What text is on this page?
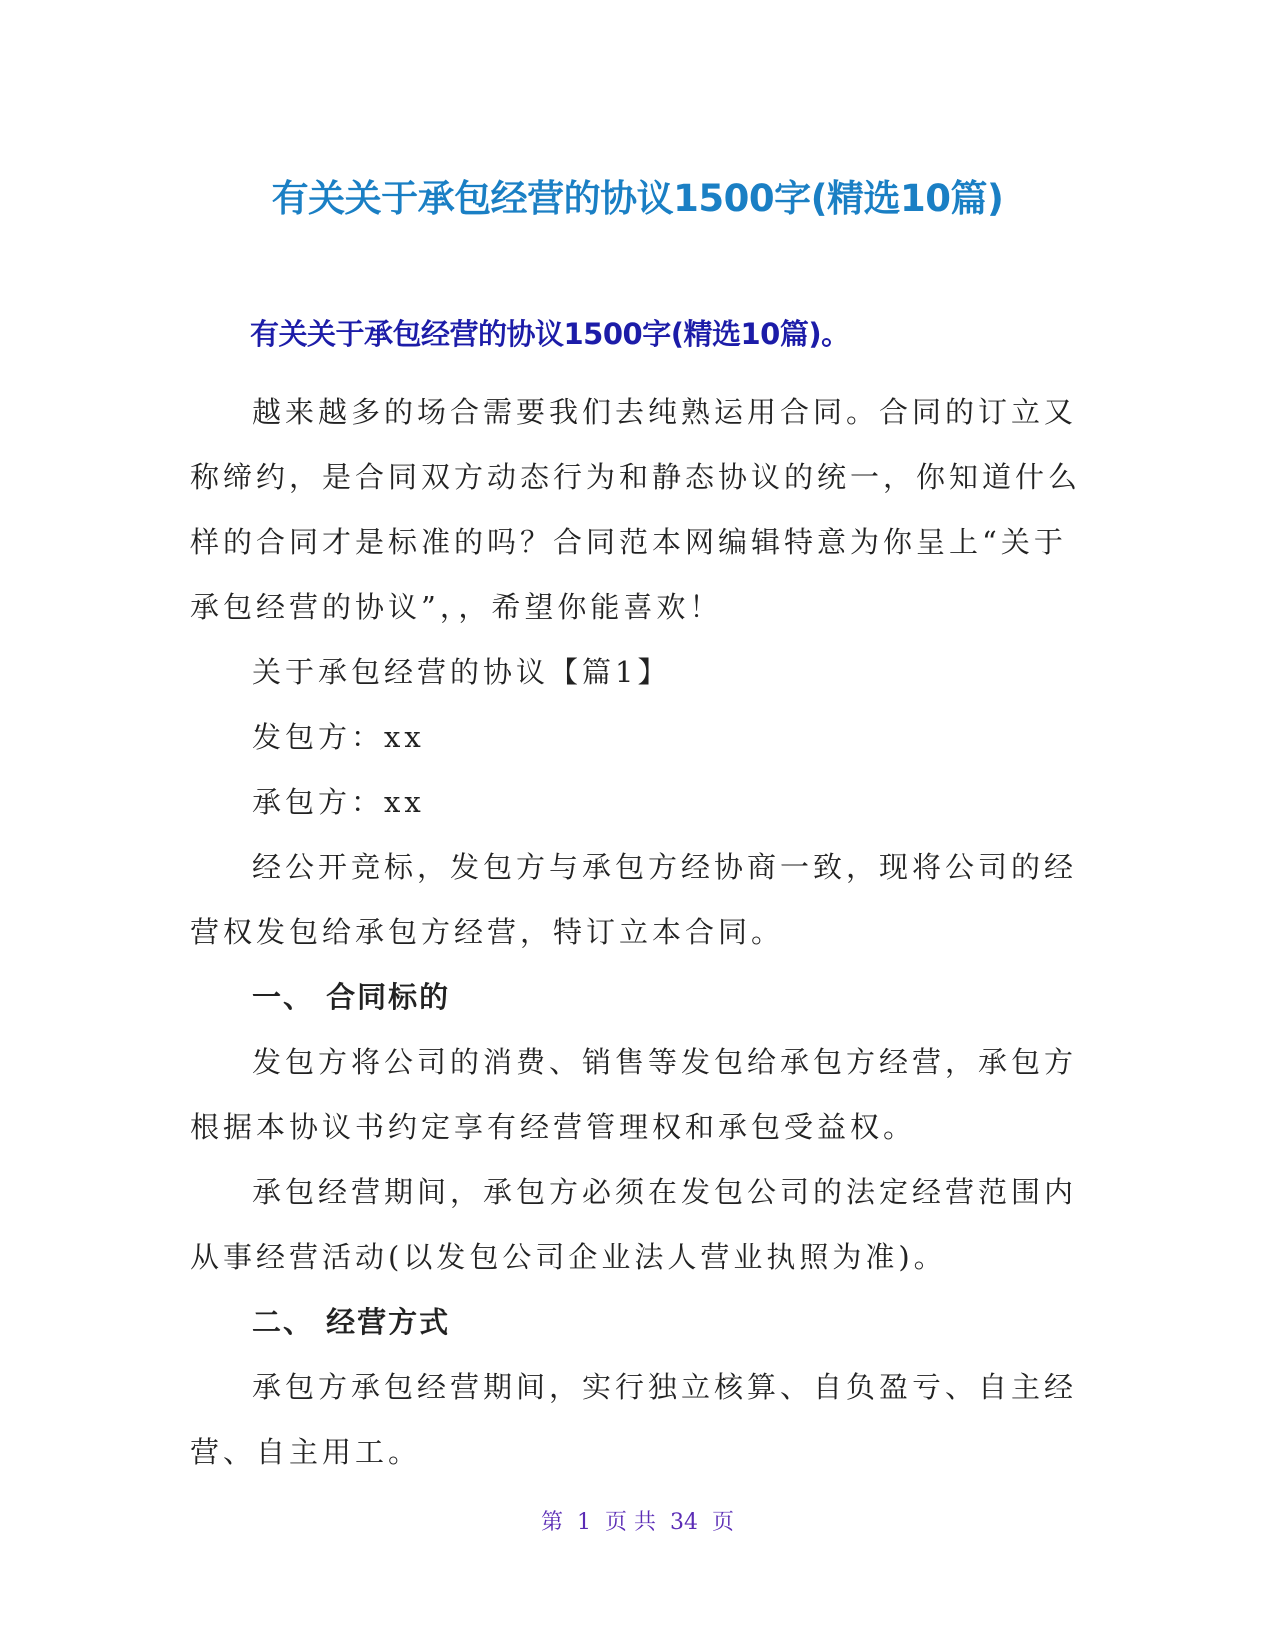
有关关于承包经营的协议1500字(精选10篇)
有关关于承包经营的协议1500字(精选10篇)。

越来越多的场合需要我们去纯熟运用合同。合同的订立又称缔约，是合同双方动态行为和静态协议的统一，你知道什么样的合同才是标准的吗？合同范本网编辑特意为你呈上“关于承包经营的协议”，，希望你能喜欢！

关于承包经营的协议【篇1】

发包方：xx

承包方：xx

经公开竞标，发包方与承包方经协商一致，现将公司的经营权发包给承包方经营，特订立本合同。

一、 合同标的

发包方将公司的消费、销售等发包给承包方经营，承包方根据本协议书约定享有经营管理权和承包受益权。

承包经营期间，承包方必须在发包公司的法定经营范围内从事经营活动(以发包公司企业法人营业执照为准)。

二、 经营方式

承包方承包经营期间，实行独立核算、自负盈亏、自主经营、自主用工。

第 1 页 共 34 页
